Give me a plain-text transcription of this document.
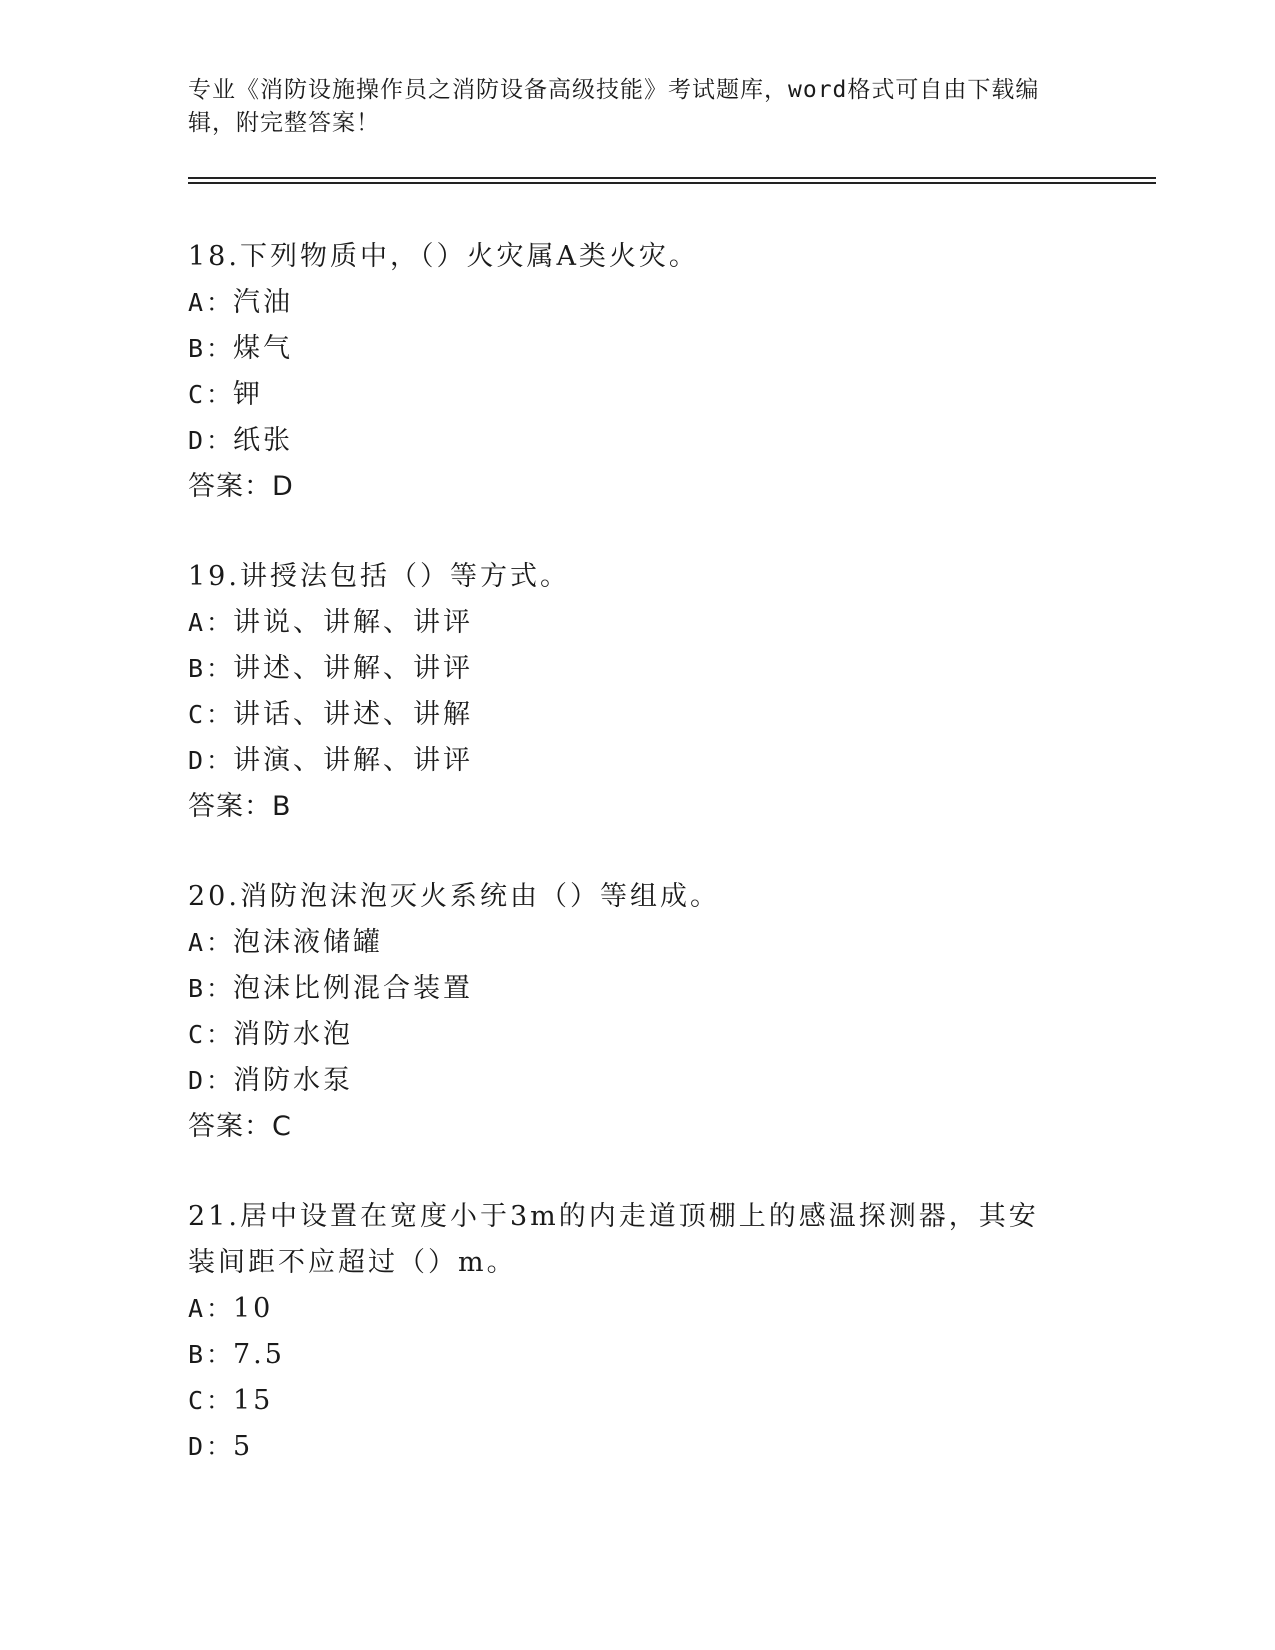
专业《消防设施操作员之消防设备高级技能》考试题库，word格式可自由下载编辑，附完整答案！
18.下列物质中，（）火灾属A类火灾。
A：汽油
B：煤气
C：钾
D：纸张
答案：D
19.讲授法包括（）等方式。
A：讲说、讲解、讲评
B：讲述、讲解、讲评
C：讲话、讲述、讲解
D：讲演、讲解、讲评
答案：B
20.消防泡沫泡灭火系统由（）等组成。
A：泡沫液储罐
B：泡沫比例混合装置
C：消防水泡
D：消防水泵
答案：C
21.居中设置在宽度小于3m的内走道顶棚上的感温探测器，其安装间距不应超过（）m。
A：10
B：7.5
C：15
D：5
